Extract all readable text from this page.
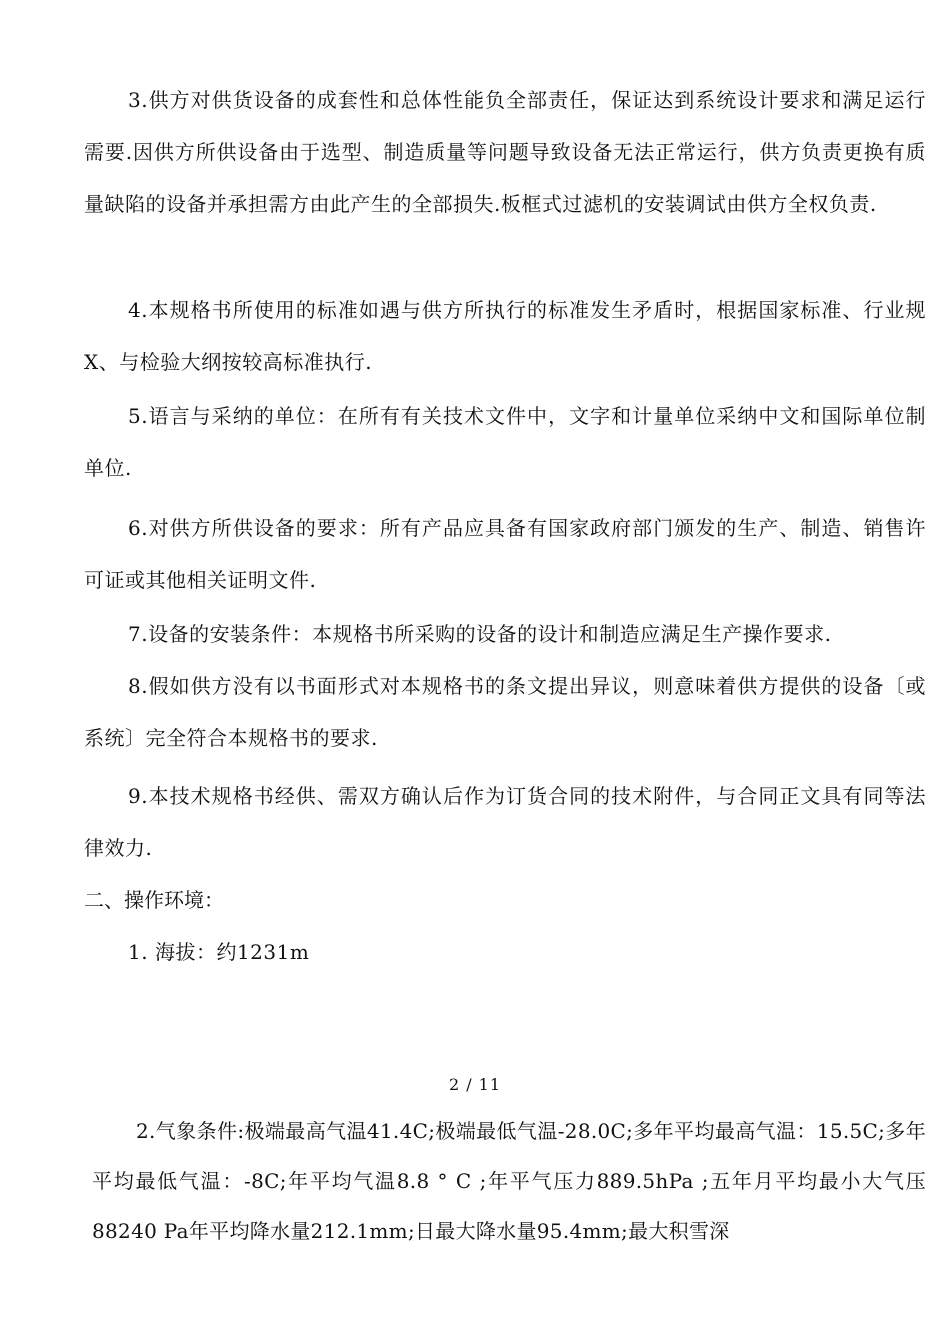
3.供方对供货设备的成套性和总体性能负全部责任，保证达到系统设计要求和满足运行需要.因供方所供设备由于选型、制造质量等问题导致设备无法正常运行，供方负责更换有质量缺陷的设备并承担需方由此产生的全部损失.板框式过滤机的安装调试由供方全权负责.

4.本规格书所使用的标准如遇与供方所执行的标准发生矛盾时，根据国家标准、行业规X、与检验大纲按较高标准执行.

5.语言与采纳的单位：在所有有关技术文件中，文字和计量单位采纳中文和国际单位制单位.

6.对供方所供设备的要求：所有产品应具备有国家政府部门颁发的生产、制造、销售许可证或其他相关证明文件.

7.设备的安装条件：本规格书所采购的设备的设计和制造应满足生产操作要求.

8.假如供方没有以书面形式对本规格书的条文提出异议，则意味着供方提供的设备〔或系统〕完全符合本规格书的要求.

9.本技术规格书经供、需双方确认后作为订货合同的技术附件，与合同正文具有同等法律效力.

二、操作环境：

1. 海拔：约1231m

2 / 11

2.气象条件:极端最高气温41.4C;极端最低气温-28.0C;多年平均最高气温：15.5C;多年平均最低气温：-8C;年平均气温8.8 ° C ;年平气压力889.5hPa ;五年月平均最小大气压88240 Pa年平均降水量212.1mm;日最大降水量95.4mm;最大积雪深
